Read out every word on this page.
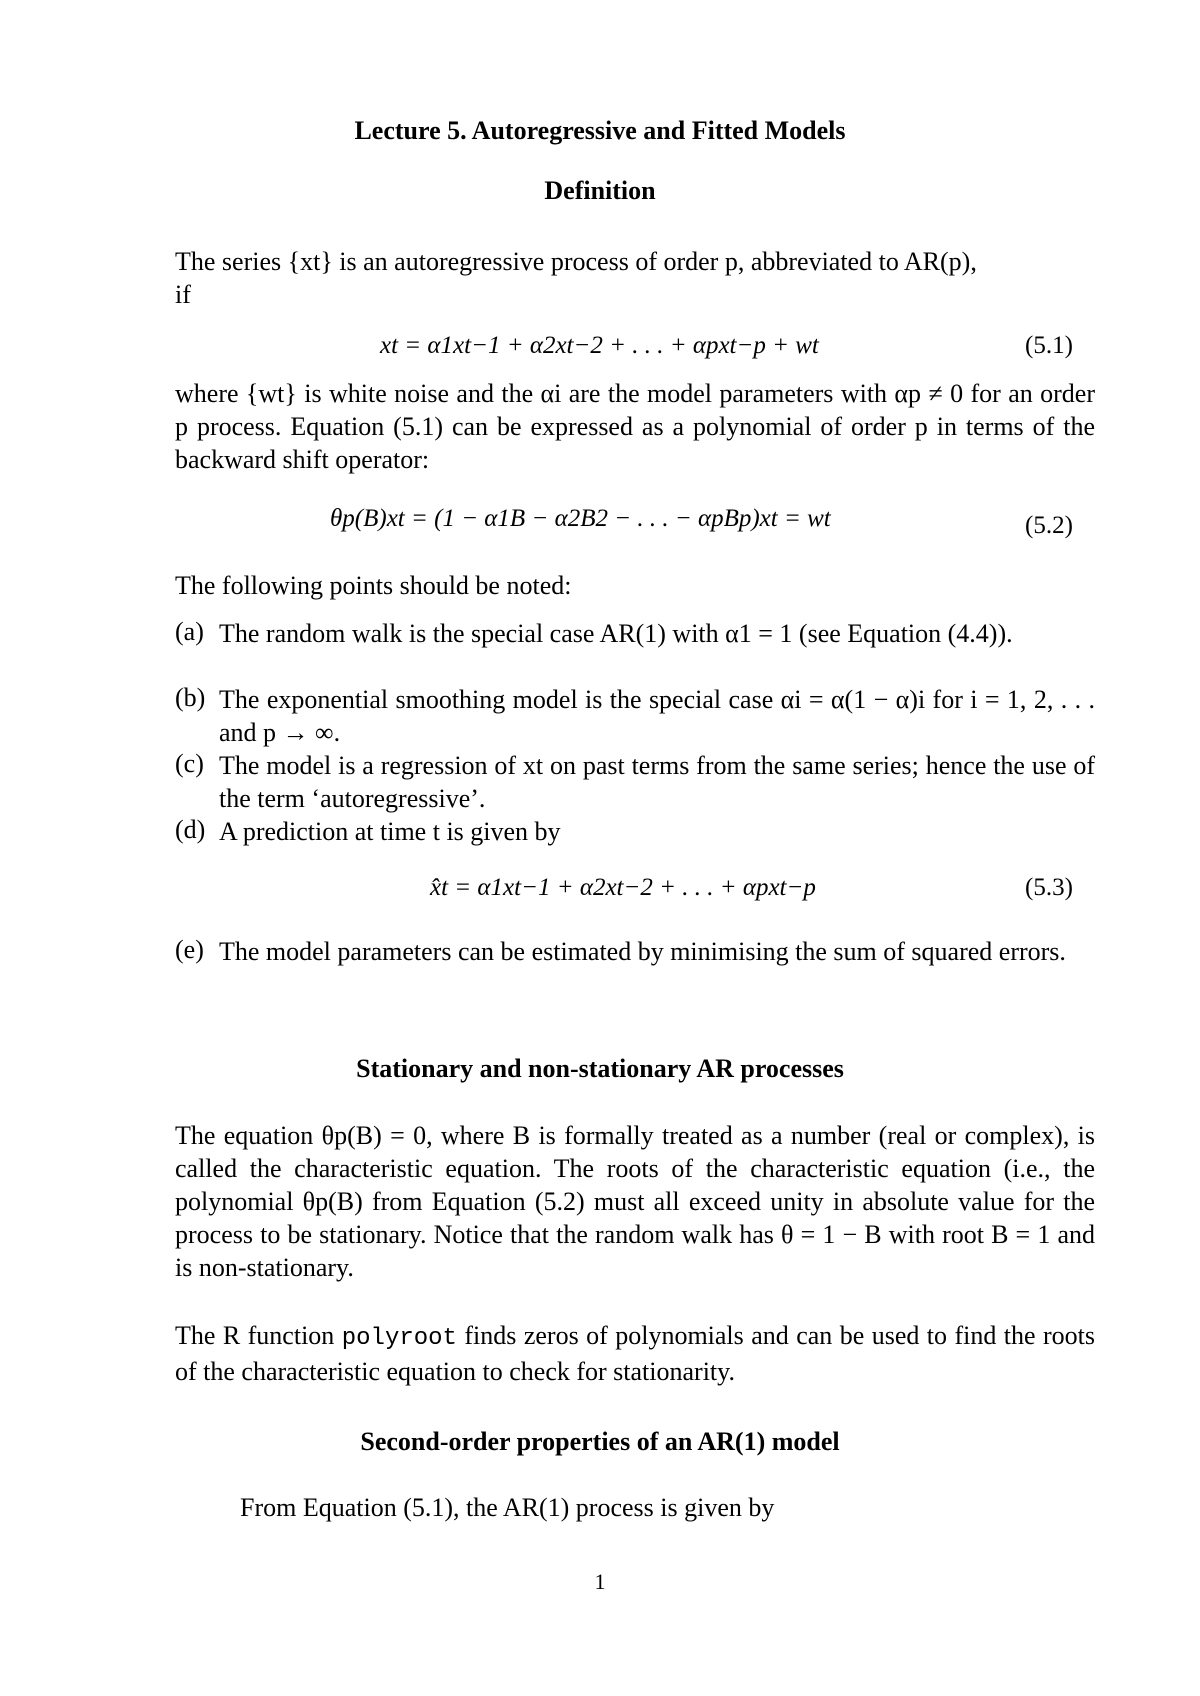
Lecture 5. Autoregressive and Fitted Models
Definition
The series {xt} is an autoregressive process of order p, abbreviated to AR(p),
if
xt = α1xt−1 + α2xt−2 + . . . + αpxt−p + wt	(5.1)
where {wt} is white noise and the αi are the model parameters with αp ≠ 0 for an order p process. Equation (5.1) can be expressed as a polynomial of order p in terms of the backward shift operator:
θp(B)xt = (1 − α1B − α2B2 − . . . − αpBp)xt = wt	(5.2)
The following points should be noted:
(a) The random walk is the special case AR(1) with α1 = 1 (see Equation (4.4)).
(b) The exponential smoothing model is the special case αi = α(1 − α)i for i = 1, 2, . . . and p → ∞.
(c) The model is a regression of xt on past terms from the same series; hence the use of the term ‘autoregressive’.
(d) A prediction at time t is given by
x̂t = α1xt−1 + α2xt−2 + . . . + αpxt−p	(5.3)
(e) The model parameters can be estimated by minimising the sum of squared errors.
Stationary and non-stationary AR processes
The equation θp(B) = 0, where B is formally treated as a number (real or complex), is called the characteristic equation. The roots of the characteristic equation (i.e., the polynomial θp(B) from Equation (5.2) must all exceed unity in absolute value for the process to be stationary. Notice that the random walk has θ = 1 − B with root B = 1 and is non-stationary.
The R function polyroot finds zeros of polynomials and can be used to find the roots of the characteristic equation to check for stationarity.
Second-order properties of an AR(1) model
From Equation (5.1), the AR(1) process is given by
1
